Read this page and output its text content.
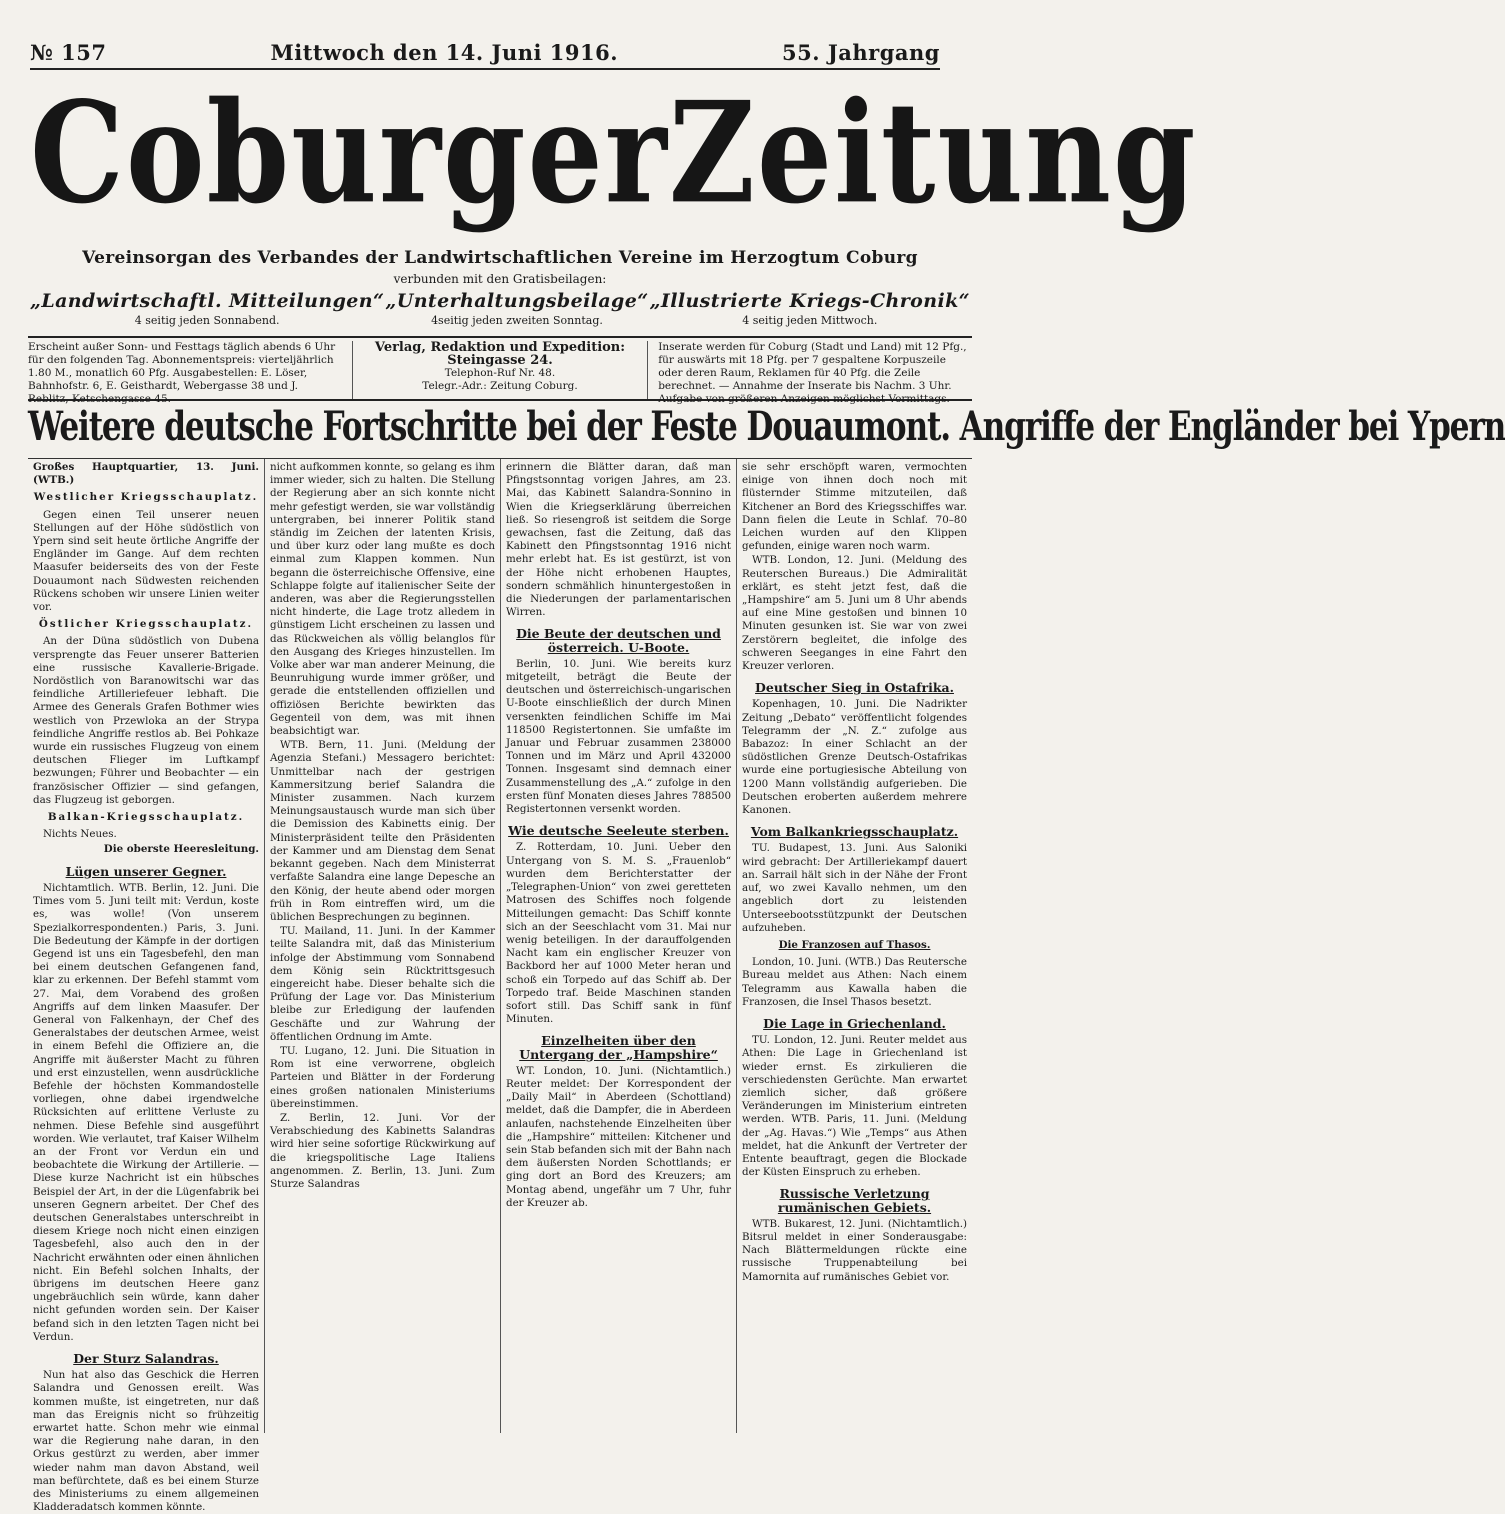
№ 157	Mittwoch den 14. Juni 1916.	55. Jahrgang
Coburger Zeitung
Vereinsorgan des Verbandes der Landwirtschaftlichen Vereine im Herzogtum Coburg
verbunden mit den Gratisbeilagen:
„Landwirtschaftl. Mitteilungen“
4 seitig jeden Sonnabend.
„Unterhaltungsbeilage“
4seitig jeden zweiten Sonntag.
„Illustrierte Kriegs-Chronik“
4 seitig jeden Mittwoch.
Erscheint außer Sonn- und Festtags täglich abends 6 Uhr für den folgenden Tag. Abonnementspreis: vierteljährlich 1.80 M., monatlich 60 Pfg. Ausgabestellen: E. Löser, Bahnhofstr. 6, E. Geisthardt, Webergasse 38 und J. Reblitz, Ketschengasse 45.
Verlag, Redaktion und Expedition:
Steingasse 24.
Telephon-Ruf Nr. 48.
Telegr.-Adr.: Zeitung Coburg.
Inserate werden für Coburg (Stadt und Land) mit 12 Pfg., für auswärts mit 18 Pfg. per 7 gespaltene Korpuszeile oder deren Raum, Reklamen für 40 Pfg. die Zeile berechnet. — Annahme der Inserate bis Nachm. 3 Uhr. Aufgabe von größeren Anzeigen möglichst Vormittags.
Weitere deutsche Fortschritte bei der Feste Douaumont. Angriffe der Engländer bei Ypern

Großes Hauptquartier, 13. Juni. (WTB.)

Westlicher Kriegsschauplatz.

Gegen einen Teil unserer neuen Stellungen auf der Höhe südöstlich von Ypern sind seit heute örtliche Angriffe der Engländer im Gange. Auf dem rechten Maasufer beiderseits des von der Feste Douaumont nach Südwesten reichenden Rückens schoben wir unsere Linien weiter vor.

Östlicher Kriegsschauplatz.

An der Düna südöstlich von Dubena versprengte das Feuer unserer Batterien eine russische Kavallerie-Brigade. Nordöstlich von Baranowitschi war das feindliche Artilleriefeuer lebhaft. Die Armee des Generals Grafen Bothmer wies westlich von Przewloka an der Strypa feindliche Angriffe restlos ab. Bei Pohkaze wurde ein russisches Flugzeug von einem deutschen Flieger im Luftkampf bezwungen; Führer und Beobachter — ein französischer Offizier — sind gefangen, das Flugzeug ist geborgen.

Balkan-Kriegsschauplatz.

Nichts Neues.

Die oberste Heeresleitung.
Lügen unserer Gegner.

Nichtamtlich. WTB. Berlin, 12. Juni. Die Times vom 5. Juni teilt mit: Verdun, koste es, was wolle! (Von unserem Spezialkorrespondenten.) Paris, 3. Juni. Die Bedeutung der Kämpfe in der dortigen Gegend ist uns ein Tagesbefehl, den man bei einem deutschen Gefangenen fand, klar zu erkennen. Der Befehl stammt vom 27. Mai, dem Vorabend des großen Angriffs auf dem linken Maasufer. Der General von Falkenhayn, der Chef des Generalstabes der deutschen Armee, weist in einem Befehl die Offiziere an, die Angriffe mit äußerster Macht zu führen und erst einzustellen, wenn ausdrückliche Befehle der höchsten Kommandostelle vorliegen, ohne dabei irgendwelche Rücksichten auf erlittene Verluste zu nehmen. Diese Befehle sind ausgeführt worden. Wie verlautet, traf Kaiser Wilhelm an der Front vor Verdun ein und beobachtete die Wirkung der Artillerie. — Diese kurze Nachricht ist ein hübsches Beispiel der Art, in der die Lügenfabrik bei unseren Gegnern arbeitet. Der Chef des deutschen Generalstabes unterschreibt in diesem Kriege noch nicht einen einzigen Tagesbefehl, also auch den in der Nachricht erwähnten oder einen ähnlichen nicht. Ein Befehl solchen Inhalts, der übrigens im deutschen Heere ganz ungebräuchlich sein würde, kann daher nicht gefunden worden sein. Der Kaiser befand sich in den letzten Tagen nicht bei Verdun.

Der Sturz Salandras.

Nun hat also das Geschick die Herren Salandra und Genossen ereilt. Was kommen mußte, ist eingetreten, nur daß man das Ereignis nicht so frühzeitig erwartet hatte. Schon mehr wie einmal war die Regierung nahe daran, in den Orkus gestürzt zu werden, aber immer wieder nahm man davon Abstand, weil man befürchtete, daß es bei einem Sturze des Ministeriums zu einem allgemeinen Kladderadatsch kommen könnte.

nicht aufkommen konnte, so gelang es ihm immer wieder, sich zu halten. Die Stellung der Regierung aber an sich konnte nicht mehr gefestigt werden, sie war vollständig untergraben, bei innerer Politik stand ständig im Zeichen der latenten Krisis, und über kurz oder lang mußte es doch einmal zum Klappen kommen. Nun begann die österreichische Offensive, eine Schlappe folgte auf italienischer Seite der anderen, was aber die Regierungsstellen nicht hinderte, die Lage trotz alledem in günstigem Licht erscheinen zu lassen und das Rückweichen als völlig belanglos für den Ausgang des Krieges hinzustellen. Im Volke aber war man anderer Meinung, die Beunruhigung wurde immer größer, und gerade die entstellenden offiziellen und offiziösen Berichte bewirkten das Gegenteil von dem, was mit ihnen beabsichtigt war.

WTB. Bern, 11. Juni. (Meldung der Agenzia Stefani.) Messagero berichtet: Unmittelbar nach der gestrigen Kammersitzung berief Salandra die Minister zusammen. Nach kurzem Meinungsaustausch wurde man sich über die Demission des Kabinetts einig. Der Ministerpräsident teilte den Präsidenten der Kammer und am Dienstag dem Senat bekannt gegeben. Nach dem Ministerrat verfaßte Salandra eine lange Depesche an den König, der heute abend oder morgen früh in Rom eintreffen wird, um die üblichen Besprechungen zu beginnen.

TU. Mailand, 11. Juni. In der Kammer teilte Salandra mit, daß das Ministerium infolge der Abstimmung vom Sonnabend dem König sein Rücktrittsgesuch eingereicht habe. Dieser behalte sich die Prüfung der Lage vor. Das Ministerium bleibe zur Erledigung der laufenden Geschäfte und zur Wahrung der öffentlichen Ordnung im Amte.

TU. Lugano, 12. Juni. Die Situation in Rom ist eine verworrene, obgleich Parteien und Blätter in der Forderung eines großen nationalen Ministeriums übereinstimmen.

Z. Berlin, 12. Juni. Vor der Verabschiedung des Kabinetts Salandras wird hier seine sofortige Rückwirkung auf die kriegspolitische Lage Italiens angenommen. Z. Berlin, 13. Juni. Zum Sturze Salandras

erinnern die Blätter daran, daß man Pfingstsonntag vorigen Jahres, am 23. Mai, das Kabinett Salandra-Sonnino in Wien die Kriegserklärung überreichen ließ. So riesengroß ist seitdem die Sorge gewachsen, fast die Zeitung, daß das Kabinett den Pfingstsonntag 1916 nicht mehr erlebt hat. Es ist gestürzt, ist von der Höhe nicht erhobenen Hauptes, sondern schmählich hinuntergestoßen in die Niederungen der parlamentarischen Wirren.

Die Beute der deutschen und österreich. U-Boote.

Berlin, 10. Juni. Wie bereits kurz mitgeteilt, beträgt die Beute der deutschen und österreichisch-ungarischen U-Boote einschließlich der durch Minen versenkten feindlichen Schiffe im Mai 118500 Registertonnen. Sie umfaßte im Januar und Februar zusammen 238000 Tonnen und im März und April 432000 Tonnen. Insgesamt sind demnach einer Zusammenstellung des „A.“ zufolge in den ersten fünf Monaten dieses Jahres 788500 Registertonnen versenkt worden.

Wie deutsche Seeleute sterben.

Z. Rotterdam, 10. Juni. Ueber den Untergang von S. M. S. „Frauenlob“ wurden dem Berichterstatter der „Telegraphen-Union“ von zwei geretteten Matrosen des Schiffes noch folgende Mitteilungen gemacht: Das Schiff konnte sich an der Seeschlacht vom 31. Mai nur wenig beteiligen. In der darauffolgenden Nacht kam ein englischer Kreuzer von Backbord her auf 1000 Meter heran und schoß ein Torpedo auf das Schiff ab. Der Torpedo traf. Beide Maschinen standen sofort still. Das Schiff sank in fünf Minuten.

Einzelheiten über den Untergang der „Hampshire“

WT. London, 10. Juni. (Nichtamtlich.) Reuter meldet: Der Korrespondent der „Daily Mail“ in Aberdeen (Schottland) meldet, daß die Dampfer, die in Aberdeen anlaufen, nachstehende Einzelheiten über die „Hampshire“ mitteilen: Kitchener und sein Stab befanden sich mit der Bahn nach dem äußersten Norden Schottlands; er ging dort an Bord des Kreuzers; am Montag abend, ungefähr um 7 Uhr, fuhr der Kreuzer ab.

sie sehr erschöpft waren, vermochten einige von ihnen doch noch mit flüsternder Stimme mitzuteilen, daß Kitchener an Bord des Kriegsschiffes war. Dann fielen die Leute in Schlaf. 70–80 Leichen wurden auf den Klippen gefunden, einige waren noch warm.

WTB. London, 12. Juni. (Meldung des Reuterschen Bureaus.) Die Admiralität erklärt, es steht jetzt fest, daß die „Hampshire“ am 5. Juni um 8 Uhr abends auf eine Mine gestoßen und binnen 10 Minuten gesunken ist. Sie war von zwei Zerstörern begleitet, die infolge des schweren Seeganges in eine Fahrt den Kreuzer verloren.

Deutscher Sieg in Ostafrika.

Kopenhagen, 10. Juni. Die Nadrikter Zeitung „Debato“ veröffentlicht folgendes Telegramm der „N. Z.“ zufolge aus Babazoz: In einer Schlacht an der südöstlichen Grenze Deutsch-Ostafrikas wurde eine portugiesische Abteilung von 1200 Mann vollständig aufgerieben. Die Deutschen eroberten außerdem mehrere Kanonen.

Vom Balkankriegsschauplatz.

TU. Budapest, 13. Juni. Aus Saloniki wird gebracht: Der Artilleriekampf dauert an. Sarrail hält sich in der Nähe der Front auf, wo zwei Kavallo nehmen, um den angeblich dort zu leistenden Unterseebootsstützpunkt der Deutschen aufzuheben.

Die Franzosen auf Thasos.

London, 10. Juni. (WTB.) Das Reutersche Bureau meldet aus Athen: Nach einem Telegramm aus Kawalla haben die Franzosen, die Insel Thasos besetzt.

Die Lage in Griechenland.

TU. London, 12. Juni. Reuter meldet aus Athen: Die Lage in Griechenland ist wieder ernst. Es zirkulieren die verschiedensten Gerüchte. Man erwartet ziemlich sicher, daß größere Veränderungen im Ministerium eintreten werden. WTB. Paris, 11. Juni. (Meldung der „Ag. Havas.“) Wie „Temps“ aus Athen meldet, hat die Ankunft der Vertreter der Entente beauftragt, gegen die Blockade der Küsten Einspruch zu erheben.

Russische Verletzung rumänischen Gebiets.

WTB. Bukarest, 12. Juni. (Nichtamtlich.) Bitsrul meldet in einer Sonderausgabe: Nach Blättermeldungen rückte eine russische Truppenabteilung bei Mamornita auf rumänisches Gebiet vor.
